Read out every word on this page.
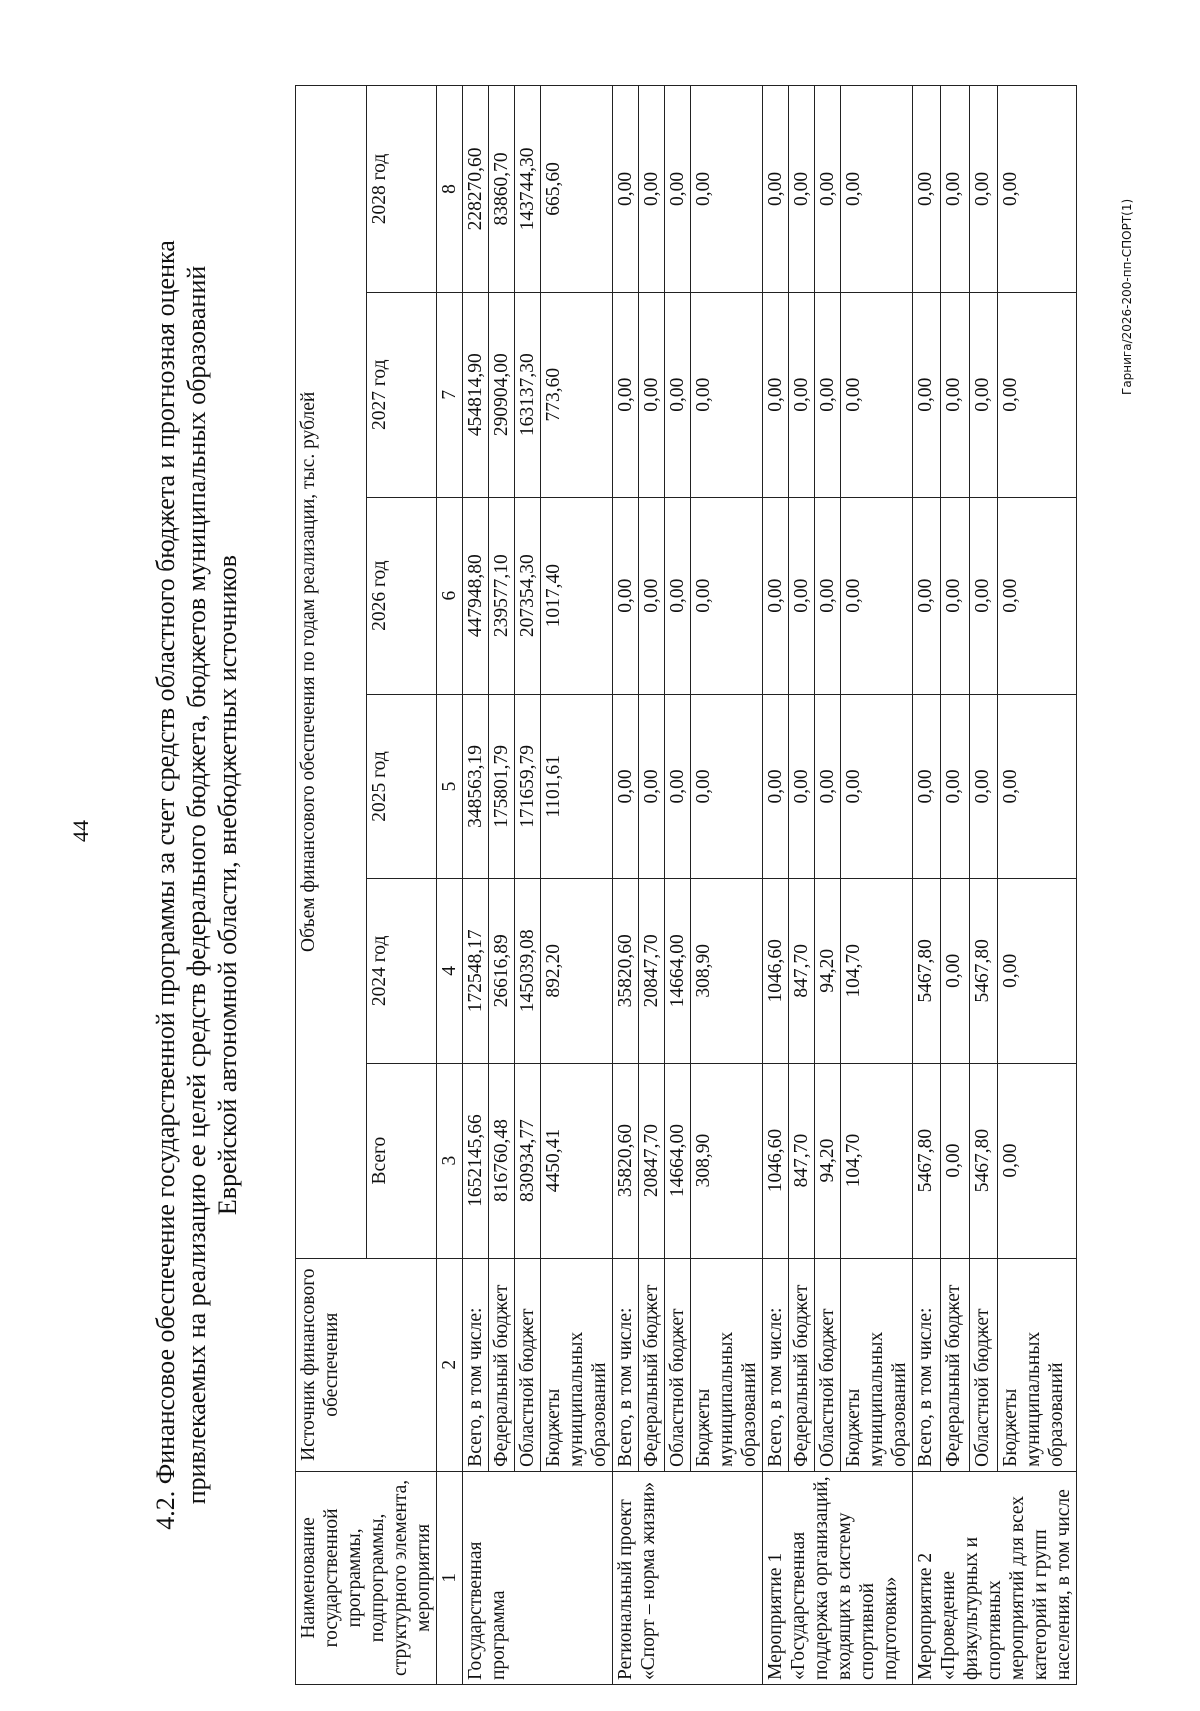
44 4.2. Финансовое обеспечение государственной программы за счет средств областного бюджета и прогнозная оценка привлекаемых на реализацию ее целей средств федерального бюджета, бюджетов муниципальных образований Еврейской автономной области, внебюджетных источников
Наименование государственной программы, подпрограммы, структурного элемента, мероприятия	Источник финансового обеспечения	Объем финансового обеспечения по годам реализации, тыс. рублей					
		Всего	2024 год	2025 год	2026 год	2027 год	2028 год
1	2	3	4	5	6	7	8
Государственная программа	Всего, в том числе:	1652145,66	172548,17	348563,19	447948,80	454814,90	228270,60
	Федеральный бюджет	816760,48	26616,89	175801,79	239577,10	290904,00	83860,70
	Областной бюджет	830934,77	145039,08	171659,79	207354,30	163137,30	143744,30
	Бюджеты муниципальных образований	4450,41	892,20	1101,61	1017,40	773,60	665,60
Региональный проект «Спорт – норма жизни»	Всего, в том числе:	35820,60	35820,60	0,00	0,00	0,00	0,00
	Федеральный бюджет	20847,70	20847,70	0,00	0,00	0,00	0,00
	Областной бюджет	14664,00	14664,00	0,00	0,00	0,00	0,00
	Бюджеты муниципальных образований	308,90	308,90	0,00	0,00	0,00	0,00
Мероприятие 1 «Государственная поддержка организаций, входящих в систему спортивной подготовки»	Всего, в том числе:	1046,60	1046,60	0,00	0,00	0,00	0,00
	Федеральный бюджет	847,70	847,70	0,00	0,00	0,00	0,00
	Областной бюджет	94,20	94,20	0,00	0,00	0,00	0,00
	Бюджеты муниципальных образований	104,70	104,70	0,00	0,00	0,00	0,00
Мероприятие 2 «Проведение физкультурных и спортивных мероприятий для всех категорий и групп населения, в том числе	Всего, в том числе:	5467,80	5467,80	0,00	0,00	0,00	0,00
	Федеральный бюджет	0,00	0,00	0,00	0,00	0,00	0,00
	Областной бюджет	5467,80	5467,80	0,00	0,00	0,00	0,00
	Бюджеты муниципальных образований	0,00	0,00	0,00	0,00	0,00	0,00
Гарнига/2026-200-пп-СПОРТ(1)
